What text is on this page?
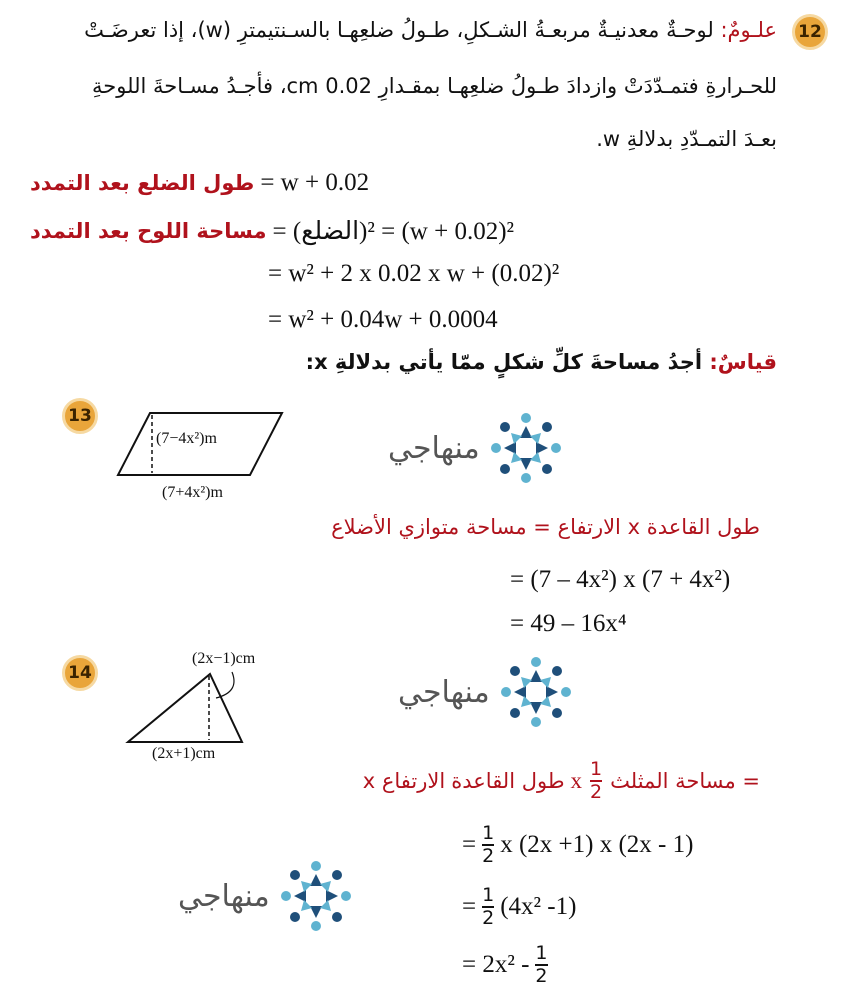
12
علـومٌ: لوحـةٌ معدنيـةٌ مربعـةُ الشـكلِ، طـولُ ضلعِهـا بالسـنتيمترِ (w)، إذا تعرضَـتْ
للحـرارةِ فتمـدّدَتْ وازدادَ طـولُ ضلعِهـا بمقـدارِ 0.02 cm، فأجـدُ مسـاحةَ اللوحةِ
بعـدَ التمـدّدِ بدلالةِ w.
طول الضلع بعد التمدد = w + 0.02
مساحة اللوح بعد التمدد = (الضلع)² = (w + 0.02)²
= w² + 2 x 0.02 x w + (0.02)²
= w² + 0.04w + 0.0004
قياسٌ: أجدُ مساحةَ كلِّ شكلٍ ممّا يأتي بدلالةِ x:
13
(7−4x²)m
(7+4x²)m
منهاجي
طول القاعدة x الارتفاع = مساحة متوازي الأضلاع
= (7 – 4x²) x (7 + 4x²)
= 49 – 16x⁴
14
(2x−1)cm
(2x+1)cm
منهاجي
= مساحة المثلث
$\frac{1}{2}$
x
طول القاعدة
الارتفاع x
= $\frac{1}{2}$ x (2x +1) x (2x - 1)
= $\frac{1}{2} (4x^2$ -1)
= $2x^2 - \frac{1}{2}$
منهاجي
